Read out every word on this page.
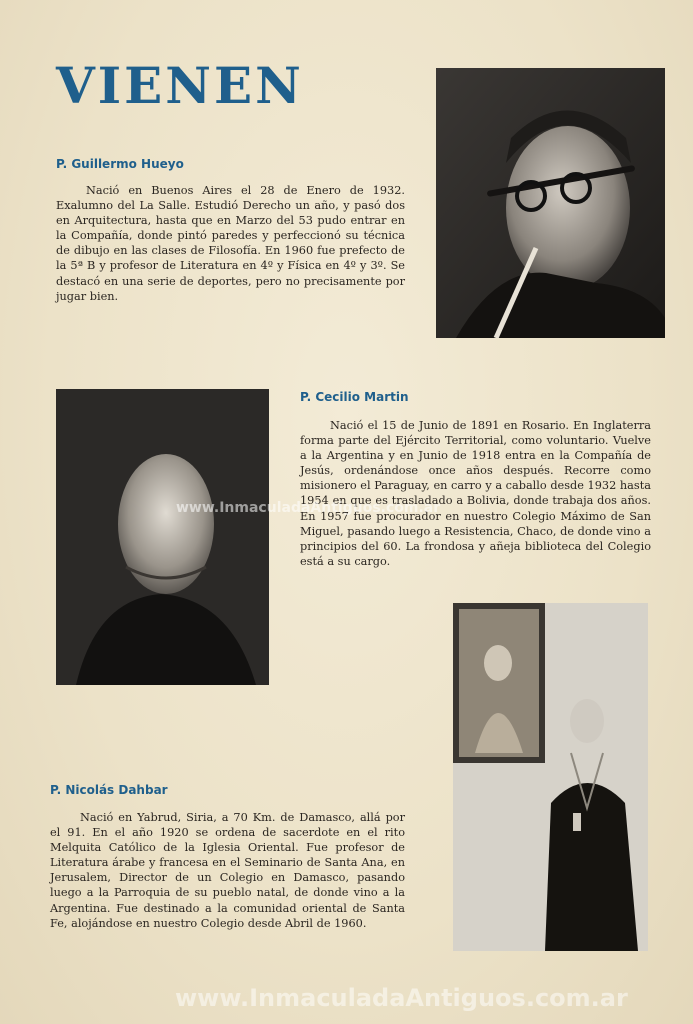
VIENEN
P. Guillermo Hueyo

Nació en Buenos Aires el 28 de Enero de 1932. Exalumno del La Salle. Estudió Derecho un año, y pasó dos en Arquitectura, hasta que en Marzo del 53 pudo entrar en la Compañía, donde pintó paredes y perfeccionó su técnica de dibujo en las clases de Filosofía. En 1960 fue prefecto de la 5ª B y profesor de Literatura en 4º y Física en 4º y 3º. Se destacó en una serie de deportes, pero no precisamente por jugar bien.

P. Cecilio Martin

Nació el 15 de Junio de 1891 en Rosario. En Inglaterra forma parte del Ejército Territorial, como voluntario. Vuelve a la Argentina y en Junio de 1918 entra en la Compañía de Jesús, ordenándose once años después. Recorre como misionero el Paraguay, en carro y a caballo desde 1932 hasta 1954 en que es trasladado a Bolivia, donde trabaja dos años. En 1957 fue procurador en nuestro Colegio Máximo de San Miguel, pasando luego a Resistencia, Chaco, de donde vino a principios del 60. La frondosa y añeja biblioteca del Colegio está a su cargo.

www.InmaculadaAntiguos.com.ar
P. Nicolás Dahbar

Nació en Yabrud, Siria, a 70 Km. de Damasco, allá por el 91. En el año 1920 se ordena de sacerdote en el rito Melquita Católico de la Iglesia Oriental. Fue profesor de Literatura árabe y francesa en el Seminario de Santa Ana, en Jerusalem, Director de un Colegio en Damasco, pasando luego a la Parroquia de su pueblo natal, de donde vino a la Argentina. Fue destinado a la comunidad oriental de Santa Fe, alojándose en nuestro Colegio desde Abril de 1960.

www.InmaculadaAntiguos.com.ar
